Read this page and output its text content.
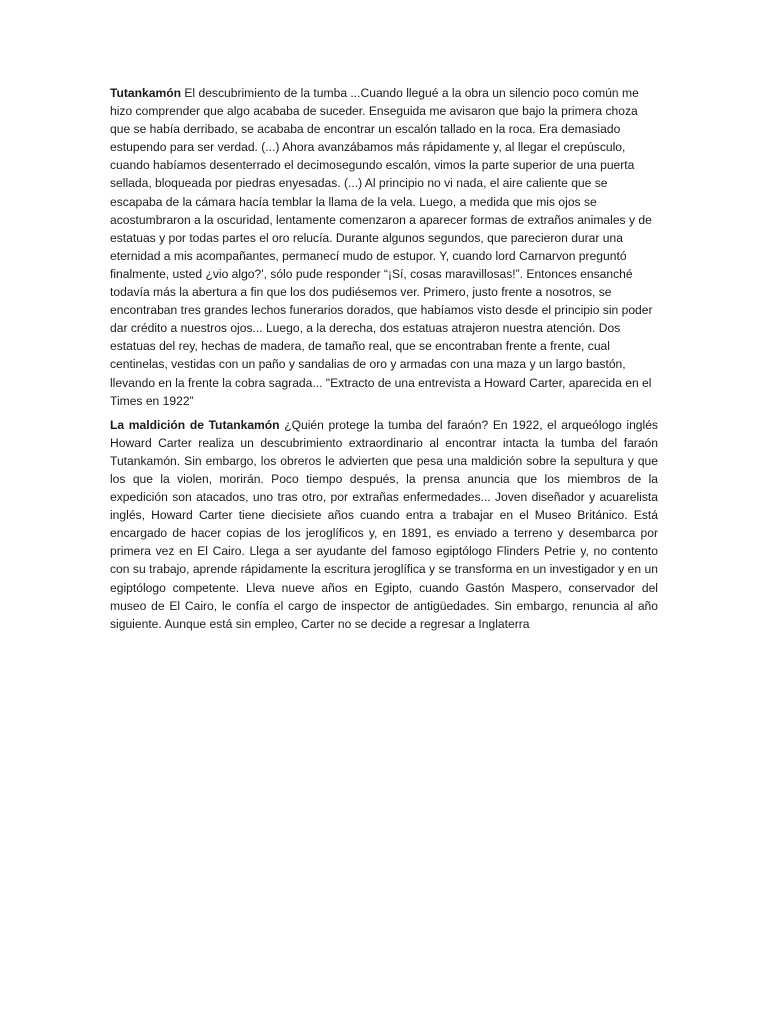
Tutankamón El descubrimiento de la tumba ...Cuando llegué a la obra un silencio poco común me hizo comprender que algo acababa de suceder. Enseguida me avisaron que bajo la primera choza que se había derribado, se acababa de encontrar un escalón tallado en la roca. Era demasiado estupendo para ser verdad. (...) Ahora avanzábamos más rápidamente y, al llegar el crepúsculo, cuando habíamos desenterrado el decimosegundo escalón, vimos la parte superior de una puerta sellada, bloqueada por piedras enyesadas. (...) Al principio no vi nada, el aire caliente que se escapaba de la cámara hacía temblar la llama de la vela. Luego, a medida que mis ojos se acostumbraron a la oscuridad, lentamente comenzaron a aparecer formas de extraños animales y de estatuas y por todas partes el oro relucía. Durante algunos segundos, que parecieron durar una eternidad a mis acompañantes, permanecí mudo de estupor. Y, cuando lord Carnarvon preguntó finalmente, usted ¿vio algo?', sólo pude responder “¡Sí, cosas maravillosas!”. Entonces ensanché todavía más la abertura a fin que los dos pudiésemos ver. Primero, justo frente a nosotros, se encontraban tres grandes lechos funerarios dorados, que habíamos visto desde el principio sin poder dar crédito a nuestros ojos... Luego, a la derecha, dos estatuas atrajeron nuestra atención. Dos estatuas del rey, hechas de madera, de tamaño real, que se encontraban frente a frente, cual centinelas, vestidas con un paño y sandalias de oro y armadas con una maza y un largo bastón, llevando en la frente la cobra sagrada... "Extracto de una entrevista a Howard Carter, aparecida en el Times en 1922”

La maldición de Tutankamón ¿Quién protege la tumba del faraón? En 1922, el arqueólogo inglés Howard Carter realiza un descubrimiento extraordinario al encontrar intacta la tumba del faraón Tutankamón. Sin embargo, los obreros le advierten que pesa una maldición sobre la sepultura y que los que la violen, morirán. Poco tiempo después, la prensa anuncia que los miembros de la expedición son atacados, uno tras otro, por extrañas enfermedades... Joven diseñador y acuarelista inglés, Howard Carter tiene diecisiete años cuando entra a trabajar en el Museo Británico. Está encargado de hacer copias de los jeroglíficos y, en 1891, es enviado a terreno y desembarca por primera vez en El Cairo. Llega a ser ayudante del famoso egiptólogo Flinders Petrie y, no contento con su trabajo, aprende rápidamente la escritura jeroglífica y se transforma en un investigador y en un egiptólogo competente. Lleva nueve años en Egipto, cuando Gastón Maspero, conservador del museo de El Cairo, le confía el cargo de inspector de antigüedades. Sin embargo, renuncia al año siguiente. Aunque está sin empleo, Carter no se decide a regresar a Inglaterra
